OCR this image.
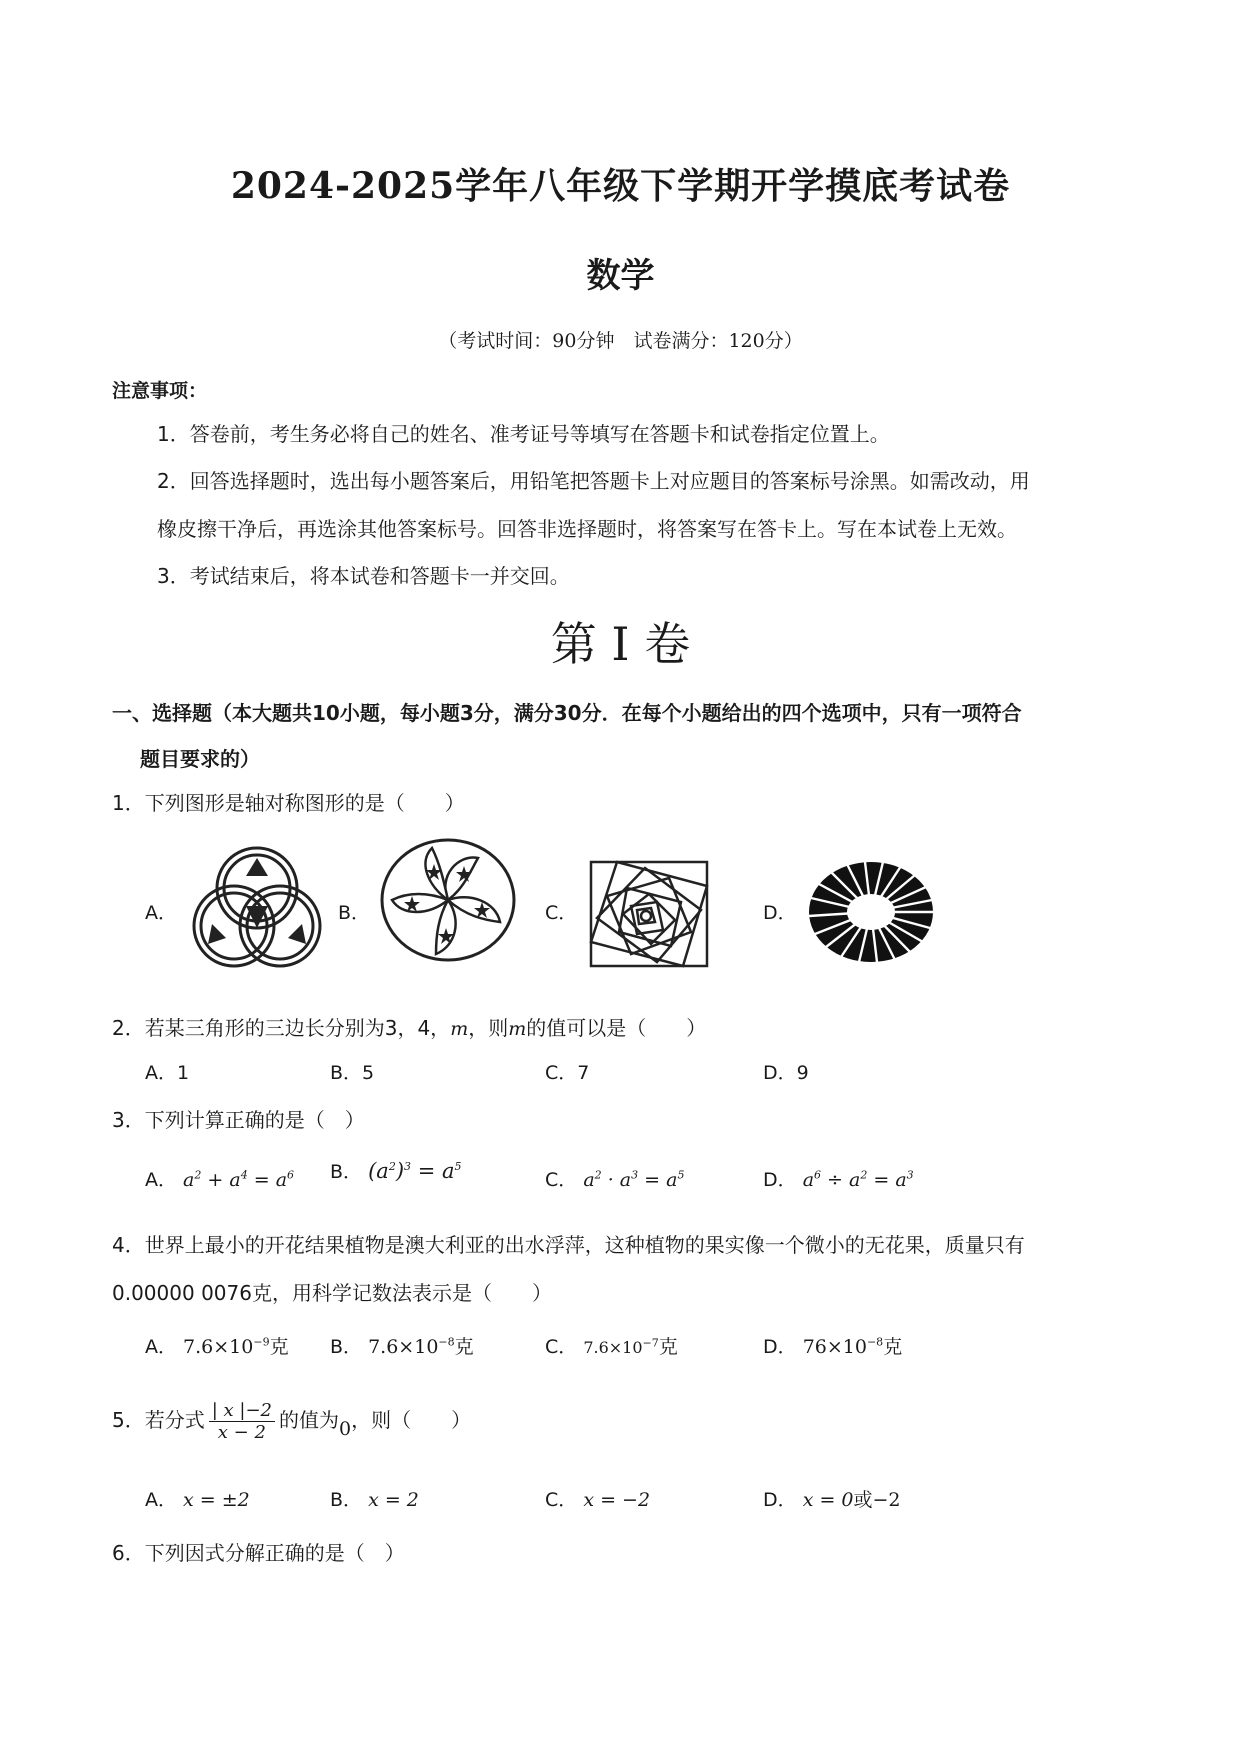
2024-2025学年八年级下学期开学摸底考试卷
数学
（考试时间：90分钟　试卷满分：120分）
注意事项：
1．答卷前，考生务必将自己的姓名、准考证号等填写在答题卡和试卷指定位置上。
2．回答选择题时，选出每小题答案后，用铅笔把答题卡上对应题目的答案标号涂黑。如需改动，用
橡皮擦干净后，再选涂其他答案标号。回答非选择题时，将答案写在答卡上。写在本试卷上无效。
3．考试结束后，将本试卷和答题卡一并交回。
第 I 卷
一、选择题（本大题共10小题，每小题3分，满分30分．在每个小题给出的四个选项中，只有一项符合
题目要求的）
1．下列图形是轴对称图形的是（　　）
A．	B．	C．	D．
2．若某三角形的三边长分别为3，4，m，则m的值可以是（　　）
A．1	B．5	C．7	D．9
3．下列计算正确的是（　）
A． $a^2 + a^4 = a^6$ B． $(a^2)^3 = a^5$
C． $a^2 \cdot a^3 = a^5$	D． $a^6 \div a^2 = a^3$
4．世界上最小的开花结果植物是澳大利亚的出水浮萍，这种植物的果实像一个微小的无花果，质量只有
0.00000 0076克，用科学记数法表示是（　　）
A． $7.6\times 10^{-9}$克 B． $7.6\times 10^{-8}$克	C． $7.6\times 10^{-7}$克	D． $76\times 10^{-8}$克
5．若分式 $\frac{| x |-2}{x - 2}$ 的值为0，则（　　）
A． x = ±2	B． x = 2	C． x = −2	D． x = 0或−2
6．下列因式分解正确的是（　）
